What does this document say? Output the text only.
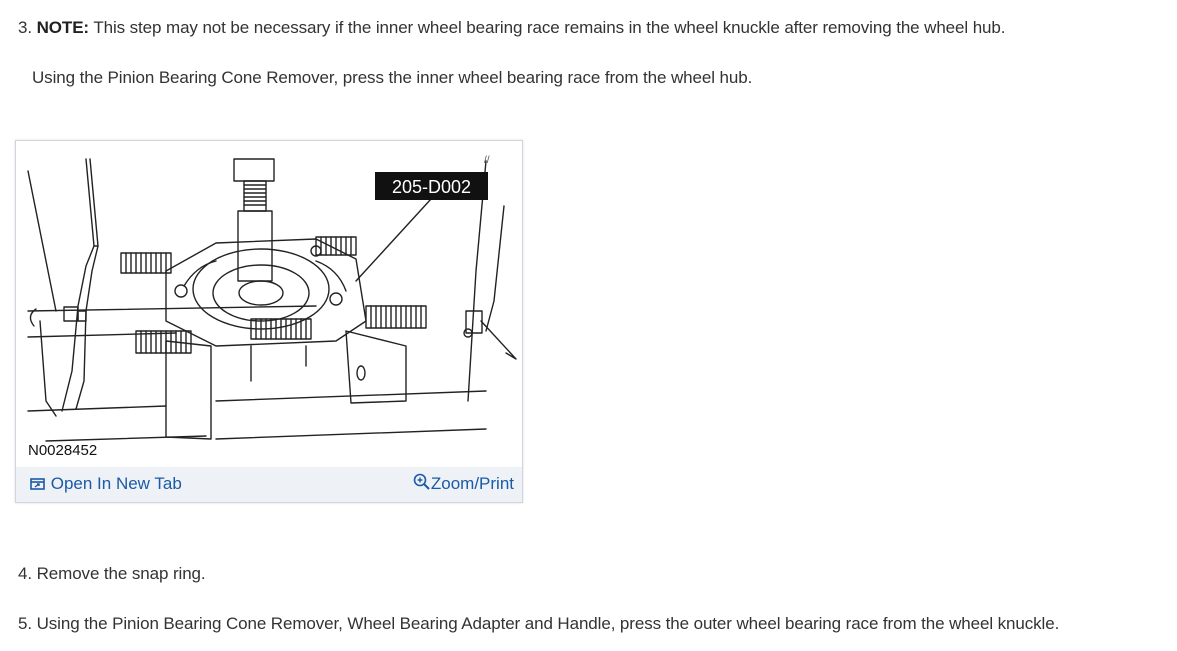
3. NOTE: This step may not be necessary if the inner wheel bearing race remains in the wheel knuckle after removing the wheel hub.
Using the Pinion Bearing Cone Remover, press the inner wheel bearing race from the wheel hub.
//
205-D002
N0028452
Open In New Tab	Zoom/Print
4. Remove the snap ring.
5. Using the Pinion Bearing Cone Remover, Wheel Bearing Adapter and Handle, press the outer wheel bearing race from the wheel knuckle.
